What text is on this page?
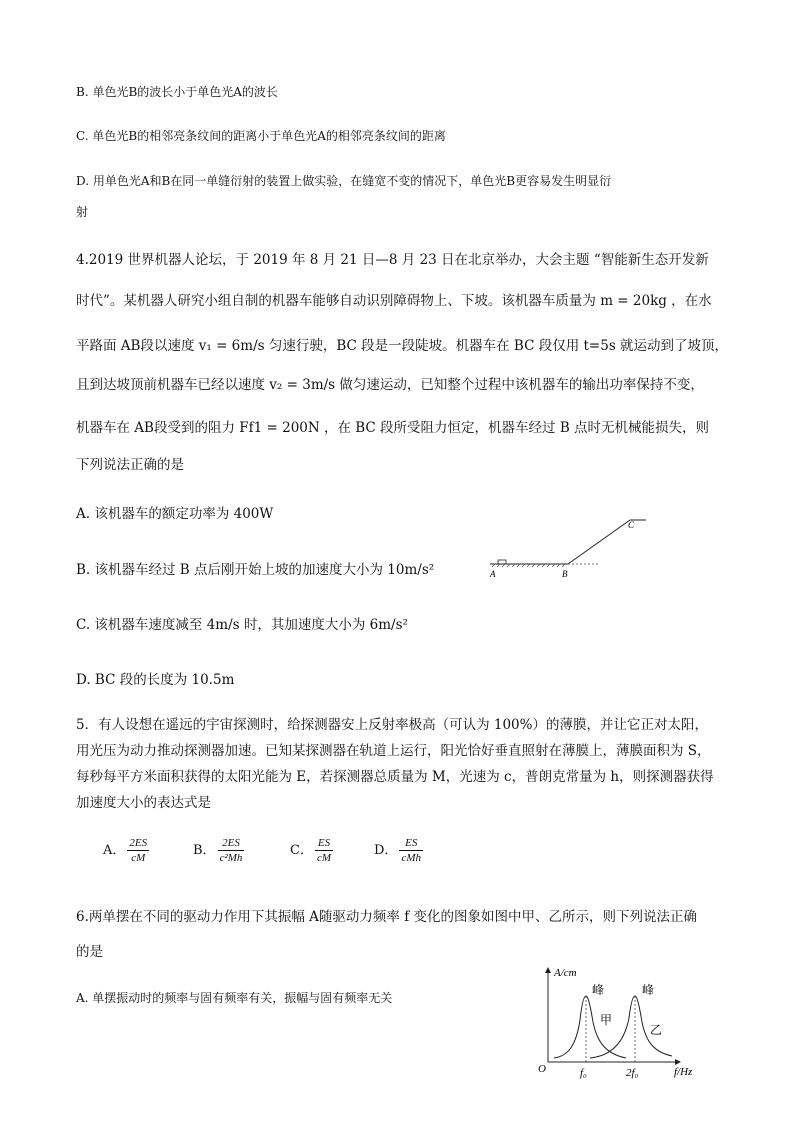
B. 单色光B的波长小于单色光A的波长
C. 单色光B的相邻亮条纹间的距离小于单色光A的相邻亮条纹间的距离
D. 用单色光A和B在同一单缝衍射的装置上做实验，在缝宽不变的情况下，单色光B更容易发生明显衍
射
4.2019 世界机器人论坛，于 2019 年 8 月 21 日—8 月 23 日在北京举办，大会主题 “智能新生态开发新
时代”。某机器人研究小组自制的机器车能够自动识别障碍物上、下坡。该机器车质量为 m = 20kg ，在水
平路面 AB段以速度 v₁ = 6m/s 匀速行驶，BC 段是一段陡坡。机器车在 BC 段仅用 t=5s 就运动到了坡顶，
且到达坡顶前机器车已经以速度 v₂ = 3m/s 做匀速运动，已知整个过程中该机器车的输出功率保持不变，
机器车在 AB段受到的阻力 Ff1 = 200N ，在 BC 段所受阻力恒定，机器车经过 B 点时无机械能损失，则
下列说法正确的是
A. 该机器车的额定功率为 400W
B. 该机器车经过 B 点后刚开始上坡的加速度大小为 10m/s²
C. 该机器车速度减至 4m/s 时，其加速度大小为 6m/s²
D. BC 段的长度为 10.5m
A	B
C
5．有人设想在遥远的宇宙探测时，给探测器安上反射率极高（可认为 100%）的薄膜，并让它正对太阳，
用光压为动力推动探测器加速。已知某探测器在轨道上运行，阳光恰好垂直照射在薄膜上，薄膜面积为 S，
每秒每平方米面积获得的太阳光能为 E，若探测器总质量为 M，光速为 c，普朗克常量为 h，则探测器获得
加速度大小的表达式是
A． $\frac{2ES}{cM}$	B． $\frac{2ES}{\text{c²Mh}}$	C． $\frac{ES}{cM}$	D． $\frac{ES}{\text{cMh}}$
6.两单摆在不同的驱动力作用下其振幅 A随驱动力频率 f 变化的图象如图中甲、乙所示，则下列说法正确
的是
A. 单摆振动时的频率与固有频率有关，振幅与固有频率无关
A/cm
f/Hz
O
峰	峰
甲
乙
f₀	2f₀
